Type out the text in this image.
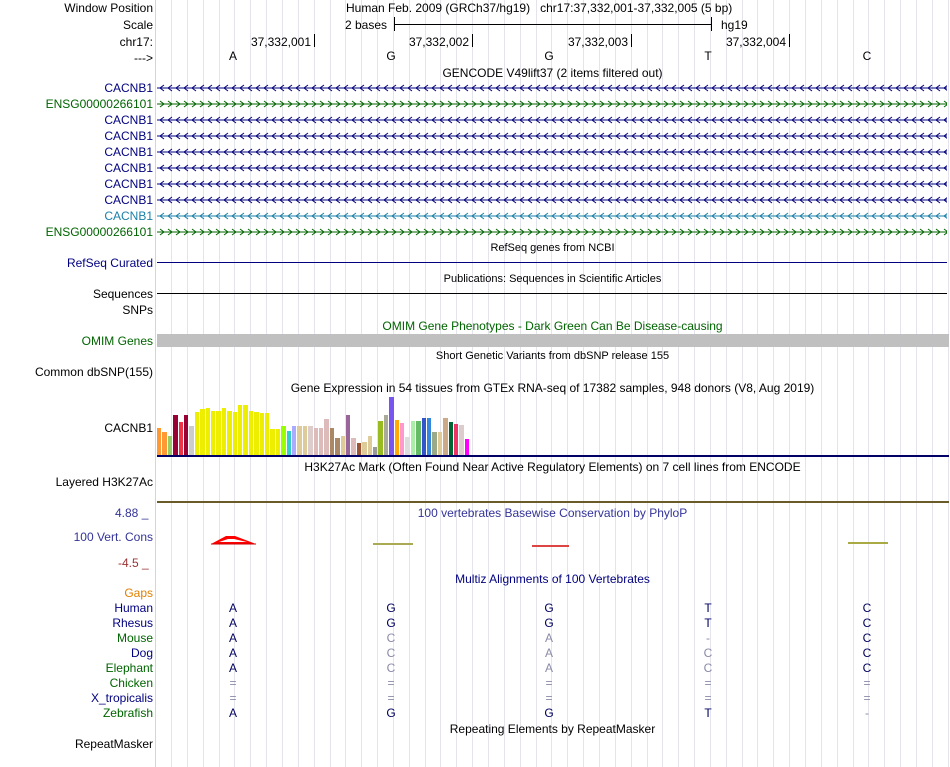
Window Position	Human Feb. 2009 (GRCh37/hg19)   chr17:37,332,001-37,332,005 (5 bp)
Scale	2 bases	hg19
chr17:	37,332,001	37,332,002	37,332,003	37,332,004
--->	A	G	G	T	C
GENCODE V49lift37 (2 items filtered out)
CACNB1
ENSG00000266101
CACNB1
CACNB1
CACNB1
CACNB1
CACNB1
CACNB1
CACNB1
ENSG00000266101
RefSeq genes from NCBI
RefSeq Curated
Publications: Sequences in Scientific Articles
Sequences
SNPs
OMIM Gene Phenotypes - Dark Green Can Be Disease-causing
OMIM Genes
Short Genetic Variants from dbSNP release 155
Common dbSNP(155)
Gene Expression in 54 tissues from GTEx RNA-seq of 17382 samples, 948 donors (V8, Aug 2019)
CACNB1
H3K27Ac Mark (Often Found Near Active Regulatory Elements) on 7 cell lines from ENCODE
Layered H3K27Ac
100 vertebrates Basewise Conservation by PhyloP
4.88 _
100 Vert. Cons
-4.5 _
Multiz Alignments of 100 Vertebrates
Gaps
Human	A	G	G	T	C
Rhesus	A	G	G	T	C
Mouse	A	C	A	-	C
Dog	A	C	A	C	C
Elephant	A	C	A	C	C
Chicken	=	=	=	=	=
X_tropicalis	=	=	=	=	=
Zebrafish	A	G	G	T	-
Repeating Elements by RepeatMasker
RepeatMasker
